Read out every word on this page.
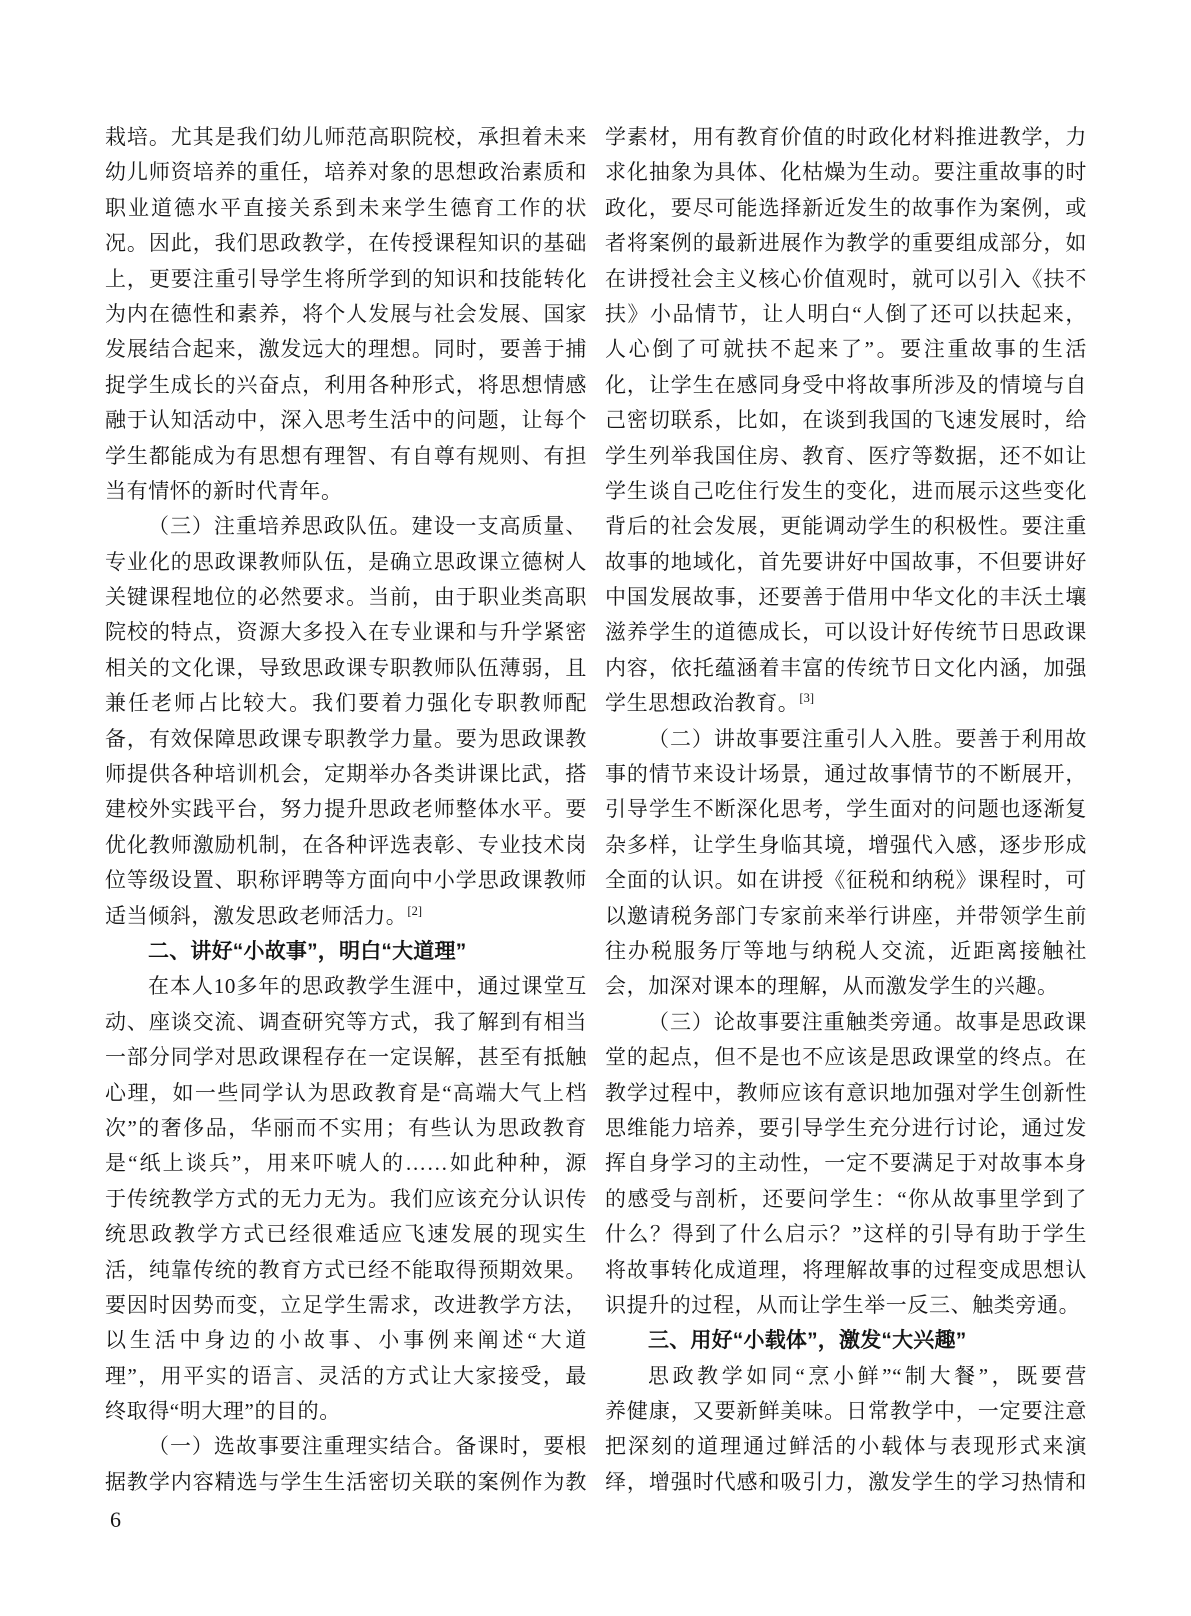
栽培。尤其是我们幼儿师范高职院校，承担着未来
幼儿师资培养的重任，培养对象的思想政治素质和
职业道德水平直接关系到未来学生德育工作的状
况。因此，我们思政教学，在传授课程知识的基础
上，更要注重引导学生将所学到的知识和技能转化
为内在德性和素养，将个人发展与社会发展、国家
发展结合起来，激发远大的理想。同时，要善于捕
捉学生成长的兴奋点，利用各种形式，将思想情感
融于认知活动中，深入思考生活中的问题，让每个
学生都能成为有思想有理智、有自尊有规则、有担
当有情怀的新时代青年。
（三）注重培养思政队伍。建设一支高质量、
专业化的思政课教师队伍，是确立思政课立德树人
关键课程地位的必然要求。当前，由于职业类高职
院校的特点，资源大多投入在专业课和与升学紧密
相关的文化课，导致思政课专职教师队伍薄弱，且
兼任老师占比较大。我们要着力强化专职教师配
备，有效保障思政课专职教学力量。要为思政课教
师提供各种培训机会，定期举办各类讲课比武，搭
建校外实践平台，努力提升思政老师整体水平。要
优化教师激励机制，在各种评选表彰、专业技术岗
位等级设置、职称评聘等方面向中小学思政课教师
适当倾斜，激发思政老师活力。[2]
二、讲好“小故事”，明白“大道理”
在本人10多年的思政教学生涯中，通过课堂互
动、座谈交流、调查研究等方式，我了解到有相当
一部分同学对思政课程存在一定误解，甚至有抵触
心理，如一些同学认为思政教育是“高端大气上档
次”的奢侈品，华丽而不实用；有些认为思政教育
是“纸上谈兵”，用来吓唬人的……如此种种，源
于传统教学方式的无力无为。我们应该充分认识传
统思政教学方式已经很难适应飞速发展的现实生
活，纯靠传统的教育方式已经不能取得预期效果。
要因时因势而变，立足学生需求，改进教学方法，
以生活中身边的小故事、小事例来阐述“大道
理”，用平实的语言、灵活的方式让大家接受，最
终取得“明大理”的目的。
（一）选故事要注重理实结合。备课时，要根
据教学内容精选与学生生活密切关联的案例作为教
学素材，用有教育价值的时政化材料推进教学，力
求化抽象为具体、化枯燥为生动。要注重故事的时
政化，要尽可能选择新近发生的故事作为案例，或
者将案例的最新进展作为教学的重要组成部分，如
在讲授社会主义核心价值观时，就可以引入《扶不
扶》小品情节，让人明白“人倒了还可以扶起来，
人心倒了可就扶不起来了”。要注重故事的生活
化，让学生在感同身受中将故事所涉及的情境与自
己密切联系，比如，在谈到我国的飞速发展时，给
学生列举我国住房、教育、医疗等数据，还不如让
学生谈自己吃住行发生的变化，进而展示这些变化
背后的社会发展，更能调动学生的积极性。要注重
故事的地域化，首先要讲好中国故事，不但要讲好
中国发展故事，还要善于借用中华文化的丰沃土壤
滋养学生的道德成长，可以设计好传统节日思政课
内容，依托蕴涵着丰富的传统节日文化内涵，加强
学生思想政治教育。[3]
（二）讲故事要注重引人入胜。要善于利用故
事的情节来设计场景，通过故事情节的不断展开，
引导学生不断深化思考，学生面对的问题也逐渐复
杂多样，让学生身临其境，增强代入感，逐步形成
全面的认识。如在讲授《征税和纳税》课程时，可
以邀请税务部门专家前来举行讲座，并带领学生前
往办税服务厅等地与纳税人交流，近距离接触社
会，加深对课本的理解，从而激发学生的兴趣。
（三）论故事要注重触类旁通。故事是思政课
堂的起点，但不是也不应该是思政课堂的终点。在
教学过程中，教师应该有意识地加强对学生创新性
思维能力培养，要引导学生充分进行讨论，通过发
挥自身学习的主动性，一定不要满足于对故事本身
的感受与剖析，还要问学生：“你从故事里学到了
什么？得到了什么启示？”这样的引导有助于学生
将故事转化成道理，将理解故事的过程变成思想认
识提升的过程，从而让学生举一反三、触类旁通。
三、用好“小载体”，激发“大兴趣”
思政教学如同“烹小鲜”“制大餐”，既要营
养健康，又要新鲜美味。日常教学中，一定要注意
把深刻的道理通过鲜活的小载体与表现形式来演
绎，增强时代感和吸引力，激发学生的学习热情和
6
